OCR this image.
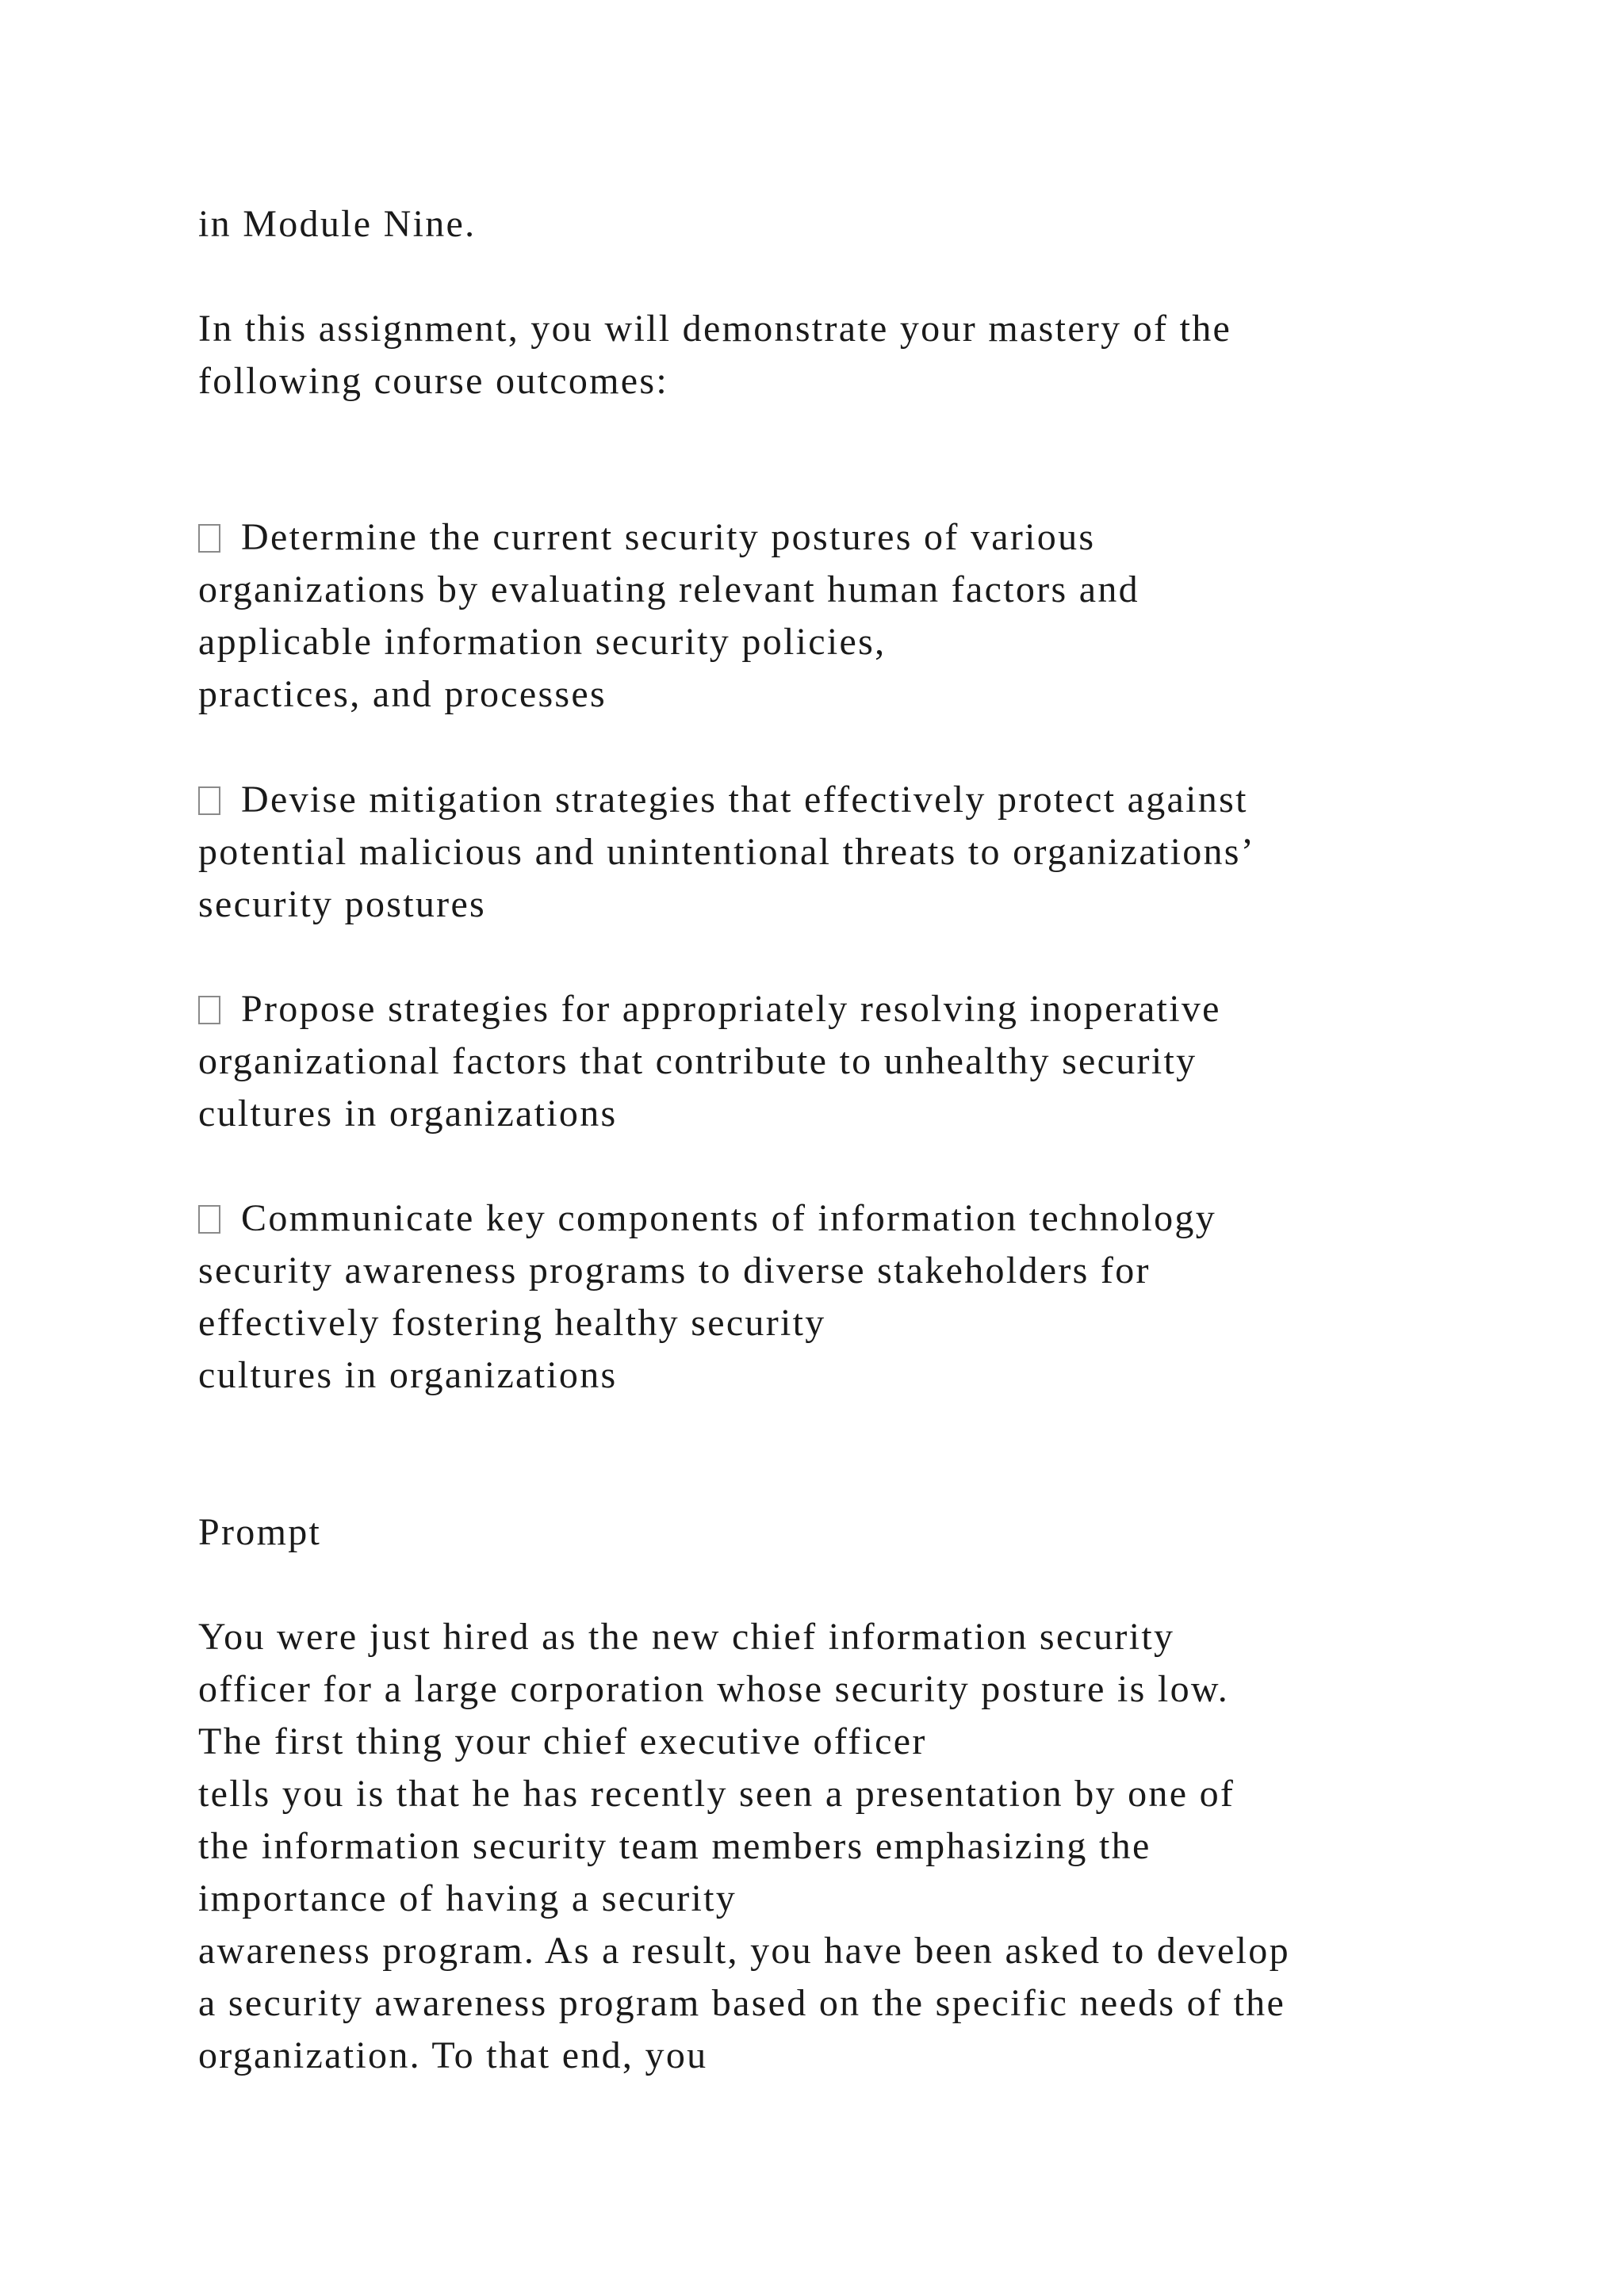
in Module Nine.
In this assignment, you will demonstrate your mastery of the
following course outcomes:
Determine the current security postures of various
organizations by evaluating relevant human factors and
applicable information security policies,
practices, and processes
Devise mitigation strategies that effectively protect against
potential malicious and unintentional threats to organizations’
security postures
Propose strategies for appropriately resolving inoperative
organizational factors that contribute to unhealthy security
cultures in organizations
Communicate key components of information technology
security awareness programs to diverse stakeholders for
effectively fostering healthy security
cultures in organizations
Prompt
You were just hired as the new chief information security
officer for a large corporation whose security posture is low.
The first thing your chief executive officer
tells you is that he has recently seen a presentation by one of
the information security team members emphasizing the
importance of having a security
awareness program. As a result, you have been asked to develop
a security awareness program based on the specific needs of the
organization. To that end, you
